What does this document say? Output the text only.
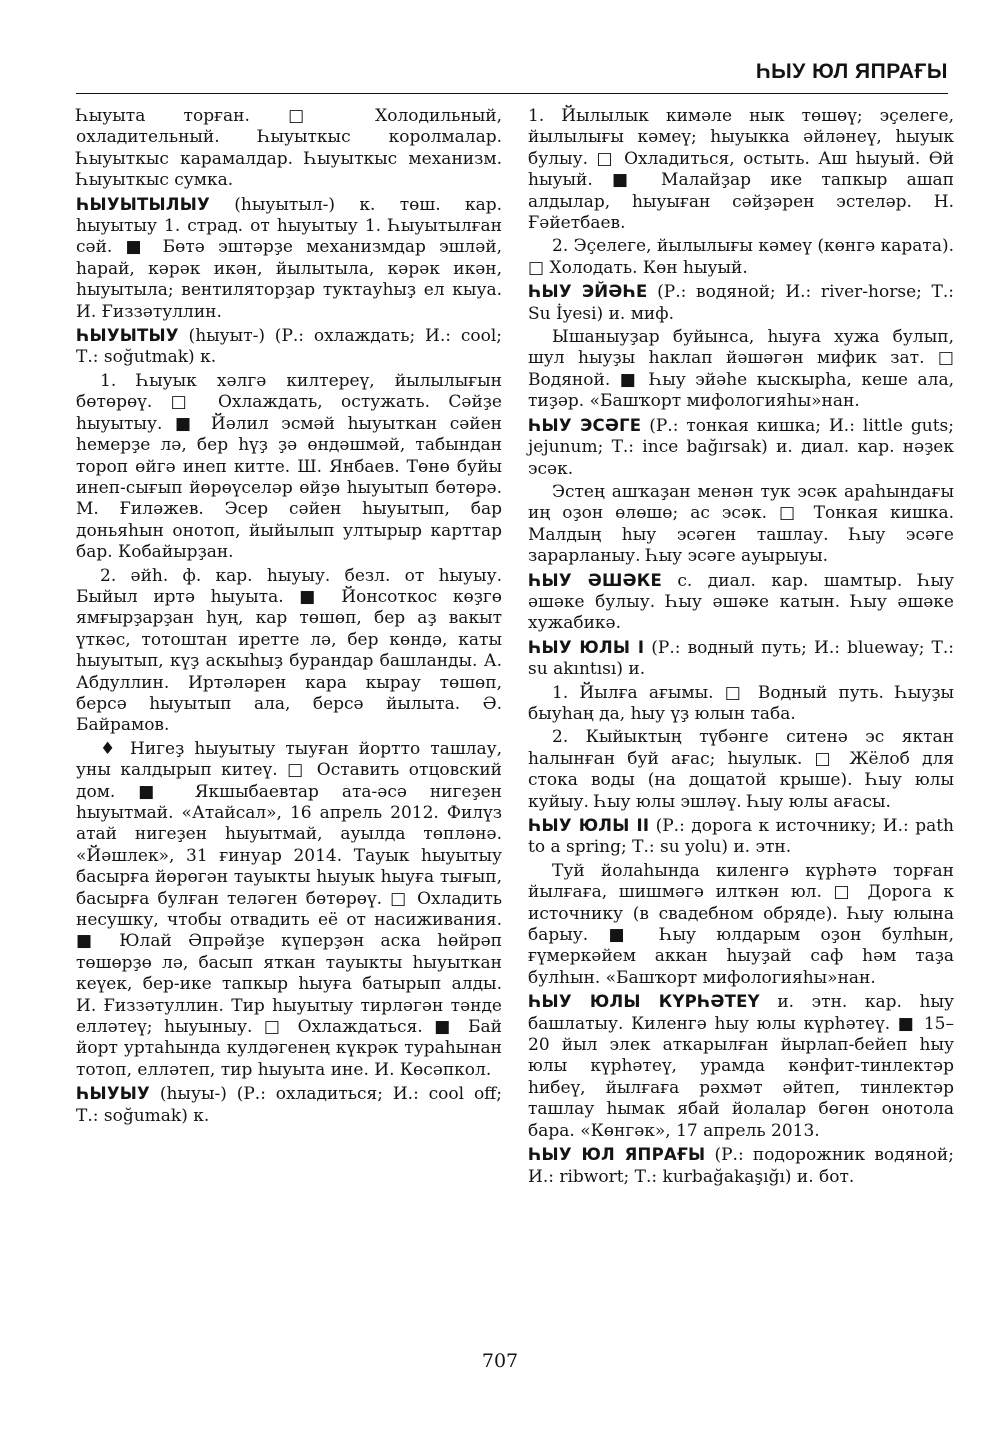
ҺЫУ ЮЛ ЯПРАҒЫ

Һыуыта торған. □ Холодильный, охладительный. Һыуыткыс королмалар. Һыуыткыс карамалдар. Һыуыткыс механизм. Һыуыткыс сумка.

ҺЫУЫТЫЛЫУ (һыуытыл-) к. төш. кар. һыуытыу 1. страд. от һыуытыу 1. Һыуытылған сәй. ■ Бөтә эштәрҙе механизмдар эшләй, һарай, кәрәк икән, йылытыла, кәрәк икән, һыуытыла; вентиляторҙар туктауһыҙ ел кыуа. И. Ғиззәтуллин.

ҺЫУЫТЫУ (һыуыт-) (Р.: охлаждать; И.: cool; Т.: soğutmak) к.

1. Һыуык хәлгә килтереү, йылылығын бөтөрөү. □ Охлаждать, остужать. Сәйҙе һыуытыу. ■ Йәлил эсмәй һыуыткан сәйен һемерҙе лә, бер һүҙ ҙә өндәшмәй, табындан тороп өйгә инеп китте. Ш. Янбаев. Төнө буйы инеп-сығып йөрөүселәр өйҙө һыуытып бөтөрә. М. Ғиләжев. Эсер сәйен һыуытып, бар доньяһын онотоп, йыйылып ултырыр карттар бар. Кобайырҙан.

2. әйһ. ф. кар. һыуыу. безл. от һыуыу. Быйыл иртә һыуыта. ■ Йонсоткос көҙгө ямғырҙарҙан һуң, кар төшөп, бер аҙ вакыт үткәс, тотоштан иретте лә, бер көндә, каты һыуытып, күҙ аскыһыҙ бурандар башланды. А. Абдуллин. Иртәләрен кара кырау төшөп, берсә һыуытып ала, берсә йылыта. Ә. Байрамов.

♦ Нигеҙ һыуытыу тыуған йортто ташлау, уны калдырып китеү. □ Оставить отцовский дом. ■ Якшыбаевтар ата-әсә нигеҙен һыуытмай. «Атайсал», 16 апрель 2012. Филүз атай нигеҙен һыуытмай, ауылда төпләнә. «Йәшлек», 31 ғинуар 2014. Тауык һыуытыу басырға йөрөгән тауыкты һыуык һыуға тығып, басырға булған теләген бөтөрөү. □ Охладить несушку, чтобы отвадить её от насиживания. ■ Юлай Әпрәйҙе күперҙән аска һөйрәп төшөрҙө лә, басып яткан тауыкты һыуыткан кеүек, бер-ике тапкыр һыуға батырып алды. И. Ғиззәтуллин. Тир һыуытыу тирләгән тәнде елләтеү; һыуыныу. □ Охлаждаться. ■ Бай йорт уртаһында кулдәгенең күкрәк тураһынан тотоп, елләтеп, тир һыуыта ине. И. Көсәпкол.

ҺЫУЫУ (һыуы-) (Р.: охладиться; И.: cool off; Т.: soğumak) к.

1. Йылылык кимәле нык төшөү; эҫелеге, йылылығы кәмеү; һыуыкка әйләнеү, һыуык булыу. □ Охладиться, остыть. Аш һыуый. Өй һыуый. ■ Малайҙар ике тапкыр ашап алдылар, һыуыған сәйҙәрен эстеләр. Н. Ғәйетбаев.

2. Эҫелеге, йылылығы кәмеү (көнгә карата). □ Холодать. Көн һыуый.

ҺЫУ ЭЙӘҺЕ (Р.: водяной; И.: river-horse; Т.: Su İyesi) и. миф.

Ышаныуҙар буйынса, һыуға хужа булып, шул һыуҙы һаклап йәшәгән мифик зат. □ Водяной. ■ Һыу эйәһе кыскырһа, кеше ала, тиҙәр. «Башҡорт мифологияһы»нан.

ҺЫУ ЭСӘГЕ (Р.: тонкая кишка; И.: little guts; jejunum; Т.: ince bağırsak) и. диал. кар. нәҙек эсәк.

Эстең ашҡаҙан менән тук эсәк араһындағы иң оҙон өлөшө; ас эсәк. □ Тонкая кишка. Малдың һыу эсәген ташлау. Һыу эсәге зарарланыу. Һыу эсәге ауырыуы.

ҺЫУ ӘШӘКЕ с. диал. кар. шамтыр. Һыу әшәке булыу. Һыу әшәке катын. Һыу әшәке хужабикә.

ҺЫУ ЮЛЫ I (Р.: водный путь; И.: blueway; Т.: su akıntısı) и.

1. Йылға ағымы. □ Водный путь. Һыуҙы быуһаң да, һыу үҙ юлын таба.

2. Кыйыктың түбәнге ситенә эс яктан һалынған буй ағас; һыулык. □ Жёлоб для стока воды (на дощатой крыше). Һыу юлы куйыу. Һыу юлы эшләү. Һыу юлы ағасы.

ҺЫУ ЮЛЫ II (Р.: дорога к источнику; И.: path to a spring; Т.: su yolu) и. этн.

Туй йолаһында киленгә күрһәтә торған йылғаға, шишмәгә илткән юл. □ Дорога к источнику (в свадебном обряде). Һыу юлына барыу. ■ Һыу юлдарым оҙон булһын, ғүмеркәйем аккан һыуҙай саф һәм таҙа булһын. «Башҡорт мифологияһы»нан.

ҺЫУ ЮЛЫ КҮРҺӘТЕҮ и. этн. кар. һыу башлатыу. Киленгә һыу юлы күрһәтеү. ■ 15–20 йыл элек аткарылған йырлап-бейеп һыу юлы күрһәтеү, урамда кәнфит-тинлектәр һибеү, йылғаға рәхмәт әйтеп, тинлектәр ташлау һымак ябай йолалар бөгөн онотола бара. «Көнгәк», 17 апрель 2013.

ҺЫУ ЮЛ ЯПРАҒЫ (Р.: подорожник водяной; И.: ribwort; Т.: kurbağakaşığı) и. бот.

707
